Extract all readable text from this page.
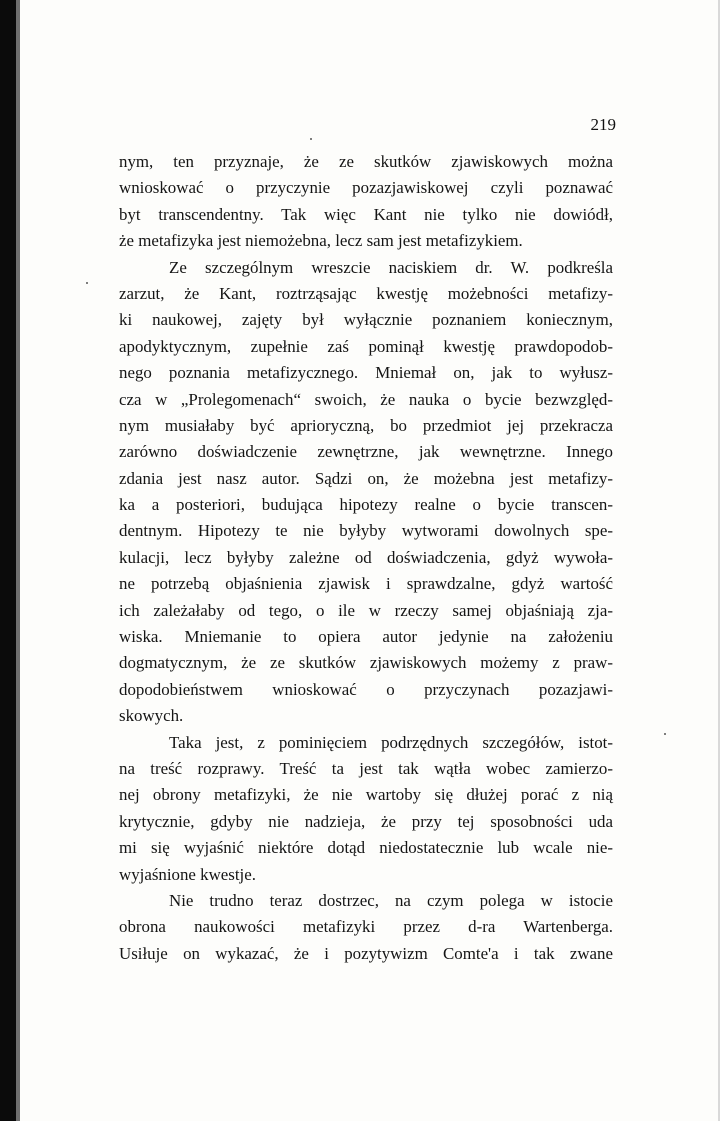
219
nym, ten przyznaje, że ze skutków zjawiskowych można
wnioskować o przyczynie pozazjawiskowej czyli poznawać
byt transcendentny. Tak więc Kant nie tylko nie dowiódł,
że metafizyka jest niemożebna, lecz sam jest metafizykiem.
Ze szczególnym wreszcie naciskiem dr. W. podkreśla
zarzut, że Kant, roztrząsając kwestję możebności metafizy-
ki naukowej, zajęty był wyłącznie poznaniem koniecznym,
apodyktycznym, zupełnie zaś pominął kwestję prawdopodob-
nego poznania metafizycznego. Mniemał on, jak to wyłusz-
cza w „Prolegomenach“ swoich, że nauka o bycie bezwzględ-
nym musiałaby być aprioryczną, bo przedmiot jej przekracza
zarówno doświadczenie zewnętrzne, jak wewnętrzne. Innego
zdania jest nasz autor. Sądzi on, że możebna jest metafizy-
ka a posteriori, budująca hipotezy realne o bycie transcen-
dentnym. Hipotezy te nie byłyby wytworami dowolnych spe-
kulacji, lecz byłyby zależne od doświadczenia, gdyż wywoła-
ne potrzebą objaśnienia zjawisk i sprawdzalne, gdyż wartość
ich zależałaby od tego, o ile w rzeczy samej objaśniają zja-
wiska. Mniemanie to opiera autor jedynie na założeniu
dogmatycznym, że ze skutków zjawiskowych możemy z praw-
dopodobieństwem wnioskować o przyczynach pozazjawi-
skowych.
Taka jest, z pominięciem podrzędnych szczegółów, istot-
na treść rozprawy. Treść ta jest tak wątła wobec zamierzo-
nej obrony metafizyki, że nie wartoby się dłużej porać z nią
krytycznie, gdyby nie nadzieja, że przy tej sposobności uda
mi się wyjaśnić niektóre dotąd niedostatecznie lub wcale nie-
wyjaśnione kwestje.
Nie trudno teraz dostrzec, na czym polega w istocie
obrona naukowości metafizyki przez d-ra Wartenberga.
Usiłuje on wykazać, że i pozytywizm Comte'a i tak zwane
